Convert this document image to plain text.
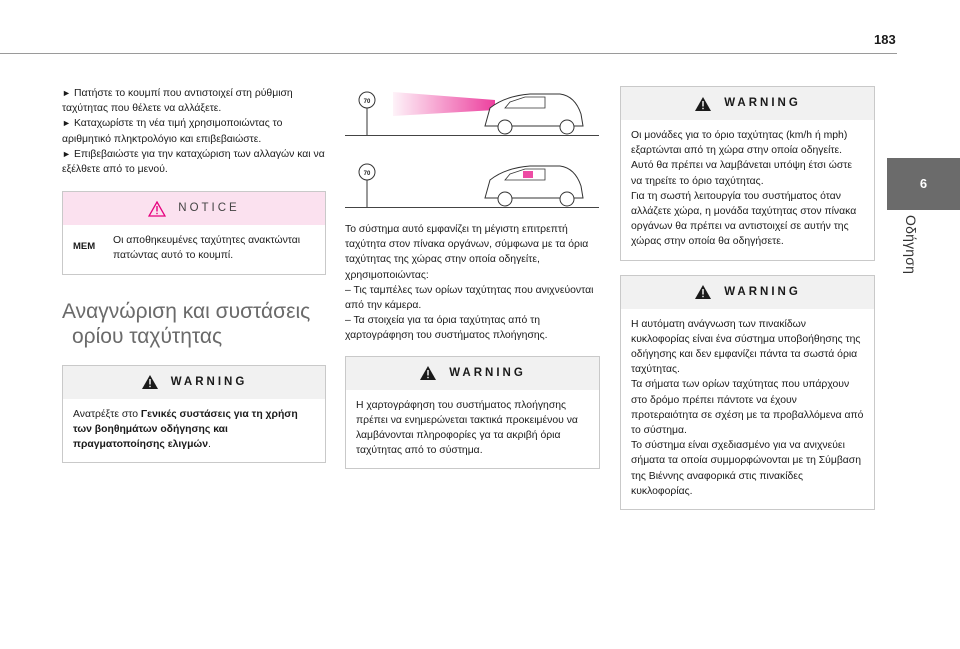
183
6
Οδήγηση
► Πατήστε το κουμπί που αντιστοιχεί στη ρύθμιση ταχύτητας που θέλετε να αλλάξετε.
► Καταχωρίστε τη νέα τιμή χρησιμοποιώντας το αριθμητικό πληκτρολόγιο και επιβεβαιώστε.
► Επιβεβαιώστε για την καταχώριση των αλλαγών και να εξέλθετε από το μενού.
NOTICE
MEM
Οι αποθηκευμένες ταχύτητες ανακτώνται πατώντας αυτό το κουμπί.
Αναγνώριση και συστάσεις
ορίου ταχύτητας
WARNING
Ανατρέξτε στο Γενικές συστάσεις για τη χρήση των βοηθημάτων οδήγησης και πραγματοποίησης ελιγμών.
70
70
Το σύστημα αυτό εμφανίζει τη μέγιστη επιτρεπτή ταχύτητα στον πίνακα οργάνων, σύμφωνα με τα όρια ταχύτητας της χώρας στην οποία οδηγείτε, χρησιμοποιώντας:
– Τις ταμπέλες των ορίων ταχύτητας που ανιχνεύονται από την κάμερα.
– Τα στοιχεία για τα όρια ταχύτητας από τη χαρτογράφηση του συστήματος πλοήγησης.
WARNING
Η χαρτογράφηση του συστήματος πλοήγησης πρέπει να ενημερώνεται τακτικά προκειμένου να λαμβάνονται πληροφορίες γα τα ακριβή όρια ταχύτητας από το σύστημα.
WARNING
Οι μονάδες για το όριο ταχύτητας (km/h ή mph) εξαρτώνται από τη χώρα στην οποία οδηγείτε.
Αυτό θα πρέπει να λαμβάνεται υπόψη έτσι ώστε να τηρείτε το όριο ταχύτητας.
Για τη σωστή λειτουργία του συστήματος όταν αλλάζετε χώρα, η μονάδα ταχύτητας στον πίνακα οργάνων θα πρέπει να αντιστοιχεί σε αυτήν της χώρας στην οποία θα οδηγήσετε.
WARNING
Η αυτόματη ανάγνωση των πινακίδων κυκλοφορίας είναι ένα σύστημα υποβοήθησης της οδήγησης και δεν εμφανίζει πάντα τα σωστά όρια ταχύτητας.
Τα σήματα των ορίων ταχύτητας που υπάρχουν στο δρόμο πρέπει πάντοτε να έχουν προτεραιότητα σε σχέση με τα προβαλλόμενα από το σύστημα.
Το σύστημα είναι σχεδιασμένο για να ανιχνεύει σήματα τα οποία συμμορφώνονται με τη Σύμβαση της Βιέννης αναφορικά στις πινακίδες κυκλοφορίας.
